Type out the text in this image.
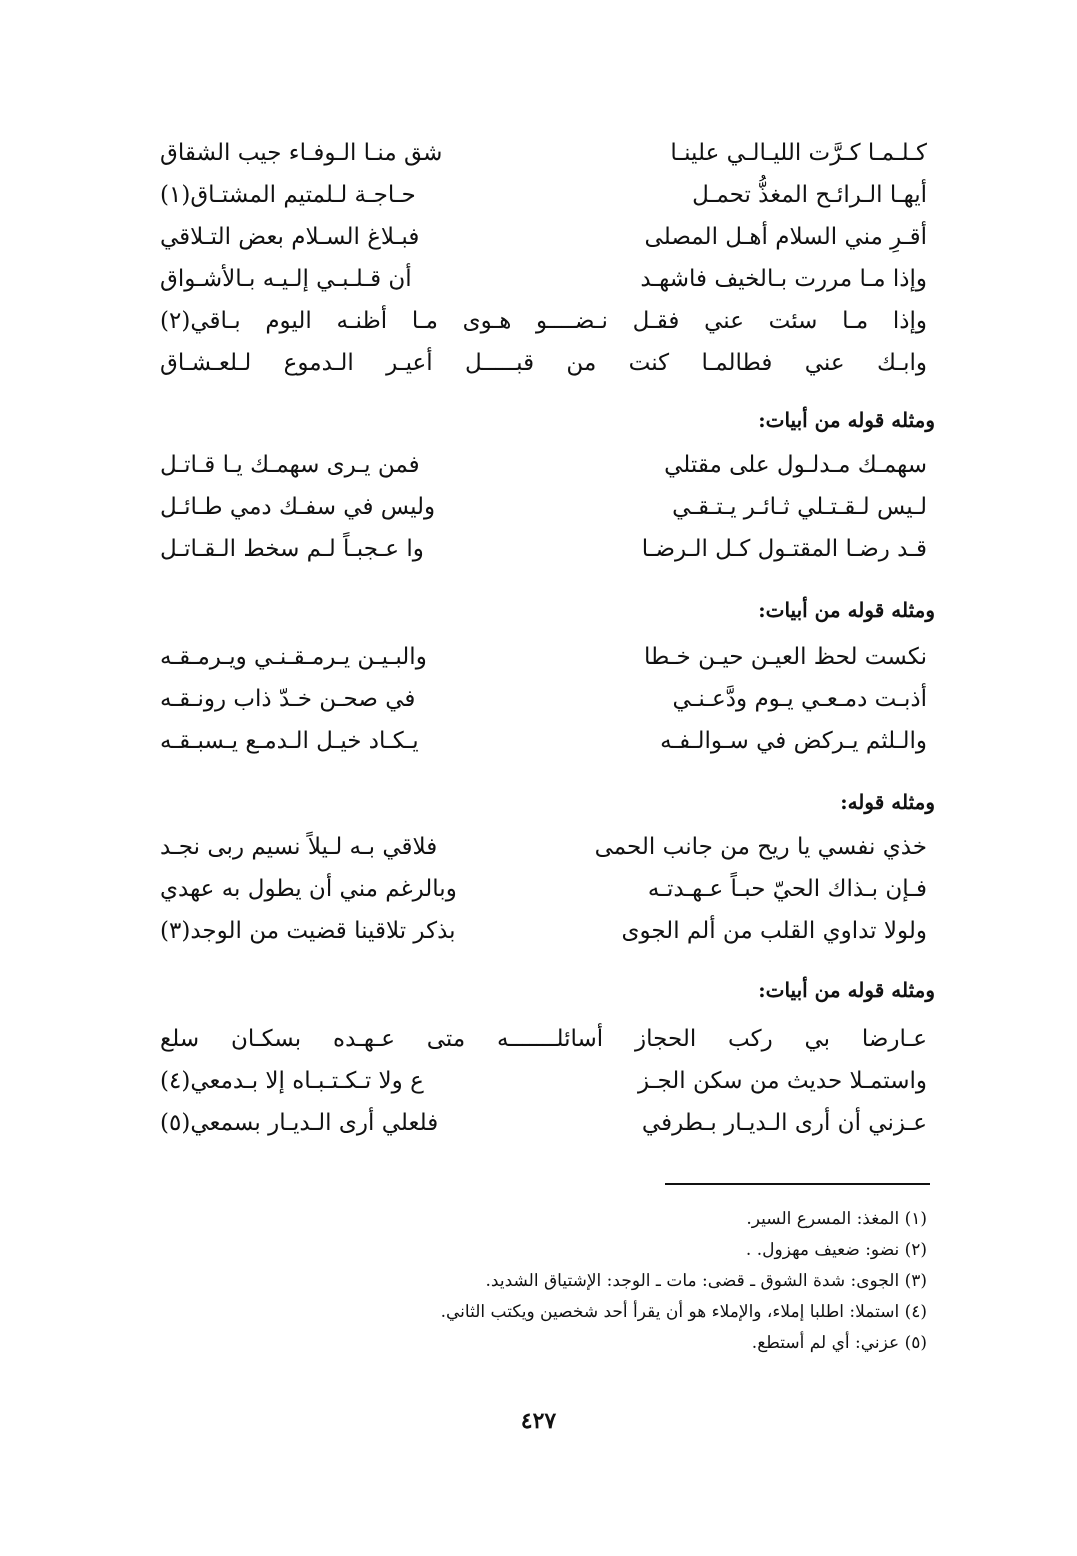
كـلـمـا كـرَّت الليـالـي علينـا
شق منـا الـوفـاء جيب الشقاق
أيهـا الـرائـح المغذُّ تحمـل
حـاجـة لـلمتيم المشتـاق(١)
أقـرِ مني السلام أهـل المصلى
فبـلاغ السـلام بعض التـلاقي
وإذا مـا مررت بـالخيف فاشهـد
أن قـلـبـي إلـيـه بـالأشـواق
وإذا مـا سئت عني فقـل نـضــــو هـوى مـا أظنـه اليوم بـاقي(٢)
وابـك عني فطالمـا كنت من قبـــــل أعيـر الـدموع لـلعـشـاق
ومثله قوله من أبيات:
سهمـك مـدلـول على مقتلي
فمن يـرى سهمـك يـا قـاتـل
لـيس لـقـتـلي ثـائـر يـتـقـي
وليس في سفـك دمي طـائـل
قـد رضـا المقتـول كـل الـرضـا
وا عـجبـاً لـم سخط الـقـاتـل
ومثله قوله من أبيات:
نكست لحظ العيـن حيـن خـطا
والبـيـن يـرمـقـنـي ويـرمـقـه
أذبـت دمـعـي يـوم ودَّعـنـي
في صحـن خـدّ ذاب رونـقـه
والـلثم يـركض في سـوالـفـه
يـكـاد خيـل الـدمـع يـسبـقـه
ومثله قوله:
خذي نفسي يا ريح من جانب الحمى
فلاقي بـه لـيلاً نسيم ربى نجـد
فـإن بـذاك الحيّ حبـاً عـهـدتـه
وبالرغم مني أن يطول به عهدي
ولولا تداوي القلب من ألم الجوى
بذكر تلاقينا قضيت من الوجد(٣)
ومثله قوله من أبيات:
عـارضا بي ركب الحجاز أسائلـــــــه متى عـهـده بسكـان سلع
واستمـلا حديث من سكن الجـز
ع ولا تـكـتـبـاه إلا بـدمعي(٤)
عـزني أن أرى الـديـار بـطرفي
فلعلي أرى الـديـار بسمعي(٥)
(١) المغذ: المسرع السير.
(٢) نضو: ضعيف مهزول. .
(٣) الجوى: شدة الشوق ـ قضى: مات ـ الوجد: الإشتياق الشديد.
(٤) استملا: اطلبا إملاء، والإملاء هو أن يقرأ أحد شخصين ويكتب الثاني.
(٥) عزني: أي لم أستطع.
٤٢٧
